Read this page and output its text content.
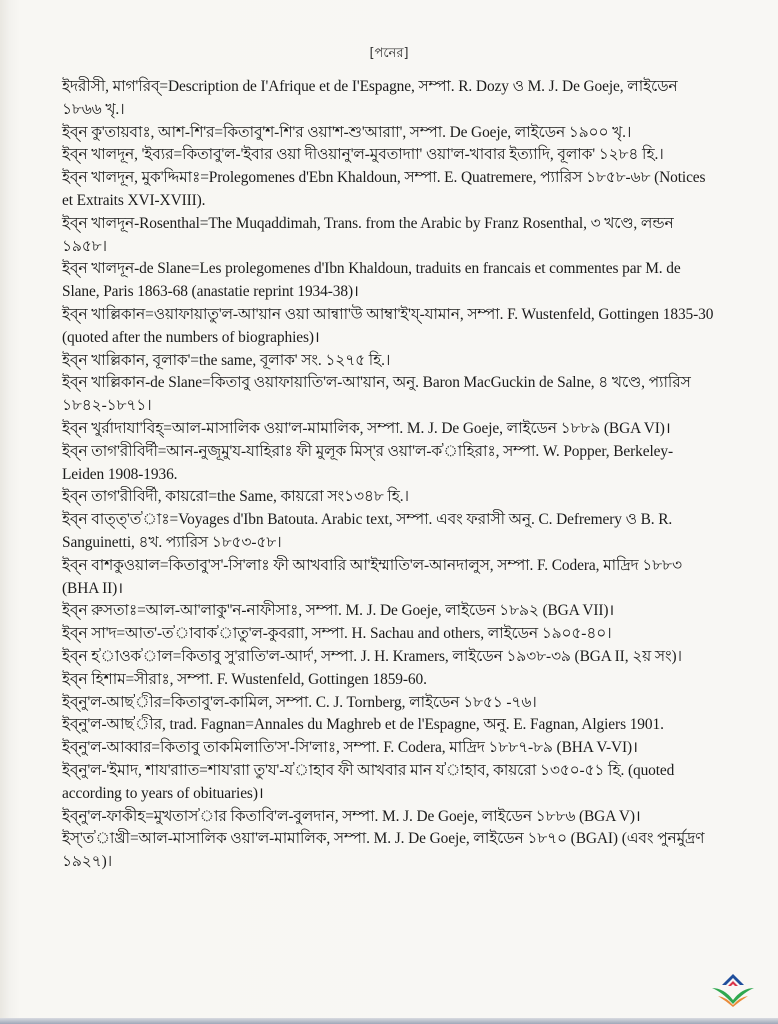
[পনের]

ইদরীসী, মাগ'রিব্=Description de I'Afrique et de I'Espagne, সম্পা. R. Dozy ও M. J. De Goeje, লাইডেন ১৮৬৬ খৃ.।

ইব্ন কু'তায়বাঃ, আশ-শি'র=কিতাবু'শ-শি'র ওয়া'শ-শু'আরাা', সম্পা. De Goeje, লাইডেন ১৯০০ খৃ.।

ইব্ন খালদূন, 'ইব্যর=কিতাবু'ল-'ইবার ওয়া দীওয়ানু'ল-মুবতাদাা' ওয়া'ল-খাবার ইত্যাদি, বূলাক' ১২৮৪ হি.।

ইব্ন খালদূন, মুক'দ্দিমাঃ=Prolegomenes d'Ebn Khaldoun, সম্পা. E. Quatremere, প্যারিস ১৮৫৮-৬৮ (Notices et Extraits XVI-XVIII).

ইব্ন খালদূন-Rosenthal=The Muqaddimah, Trans. from the Arabic by Franz Rosenthal, ৩ খণ্ডে, লন্ডন ১৯৫৮।

ইব্ন খালদূন-de Slane=Les prolegomenes d'Ibn Khaldoun, traduits en francais et commentes par M. de Slane, Paris 1863-68 (anastatie reprint 1934-38)।

ইব্ন খাল্লিকান=ওয়াফায়াতু'ল-আ'য়ান ওয়া আন্বাা'উ আম্বা'ই'য্-যামান, সম্পা. F. Wustenfeld, Gottingen 1835-30 (quoted after the numbers of biographies)।

ইব্ন খাল্লিকান, বূলাক'=the same, বূলাক' সং. ১২৭৫ হি.।

ইব্ন খাল্লিকান-de Slane=কিতাবু ওয়াফায়াতি'ল-আ'য়ান, অনু. Baron MacGuckin de Salne, ৪ খণ্ডে, প্যারিস ১৮৪২-১৮৭১।

ইব্ন খুর্রাদাযা'বিহ্=আল-মাসালিক ওয়া'ল-মামালিক, সম্পা. M. J. De Goeje, লাইডেন ১৮৮৯ (BGA VI)।

ইব্ন তাগ'রীবির্দী=আন-নুজূমু'য-যাহিরাঃ ফী মুলূক মিস্'র ওয়া'ল-ক'াহিরাঃ, সম্পা. W. Popper, Berkeley-Leiden 1908-1936.

ইব্ন তাগ'রীবির্দী, কায়রো=the Same, কায়রো সং১৩৪৮ হি.।

ইব্ন বাত্ত্'ত'াঃ=Voyages d'Ibn Batouta. Arabic text, সম্পা. এবং ফরাসী অনু. C. Defremery ও B. R. Sanguinetti, ৪খ. প্যারিস ১৮৫৩-৫৮।

ইব্ন বাশকুওয়াল=কিতাবু'স'-সি'লাঃ ফী আখবারি আ'ইম্মাতি'ল-আনদালুস, সম্পা. F. Codera, মাদ্রিদ ১৮৮৩ (BHA II)।

ইব্ন রুসতাঃ=আল-আ'লাকু''ন-নাফীসাঃ, সম্পা. M. J. De Goeje, লাইডেন ১৮৯২ (BGA VII)।

ইব্ন সা'দ=আত'-ত'াবাক'াতু'ল-কুবরাা, সম্পা. H. Sachau and others, লাইডেন ১৯০৫-৪০।

ইব্ন হ'াওক'াল=কিতাবু সু'রাতি'ল-আর্দ', সম্পা. J. H. Kramers, লাইডেন ১৯৩৮-৩৯ (BGA II, ২য় সং)।

ইব্ন হিশাম=সীরাঃ, সম্পা. F. Wustenfeld, Gottingen 1859-60.

ইব্নু'ল-আছ'ীর=কিতাবু'ল-কামিল, সম্পা. C. J. Tornberg, লাইডেন ১৮৫১ -৭৬।

ইব্নু'ল-আছ'ীর, trad. Fagnan=Annales du Maghreb et de l'Espagne, অনু. E. Fagnan, Algiers 1901.

ইব্নু'ল-আব্বার=কিতাবু তাকমিলাতি'স'-সি'লাঃ, সম্পা. F. Codera, মাদ্রিদ ১৮৮৭-৮৯ (BHA V-VI)।

ইব্নু'ল-'ইমাদ, শায'রাাত=শায'রাা তু'য'-য'াহাব ফী আখবার মান য'াহাব, কায়রো ১৩৫০-৫১ হি. (quoted according to years of obituaries)।

ইব্নু'ল-ফাকীহ=মুখতাস'ার কিতাবি'ল-বুলদান, সম্পা. M. J. De Goeje, লাইডেন ১৮৮৬ (BGA V)।

ইস্'ত'াখ্রী=আল-মাসালিক ওয়া'ল-মামালিক, সম্পা. M. J. De Goeje, লাইডেন ১৮৭০ (BGAI) (এবং পুনর্মুদ্রণ ১৯২৭)।
